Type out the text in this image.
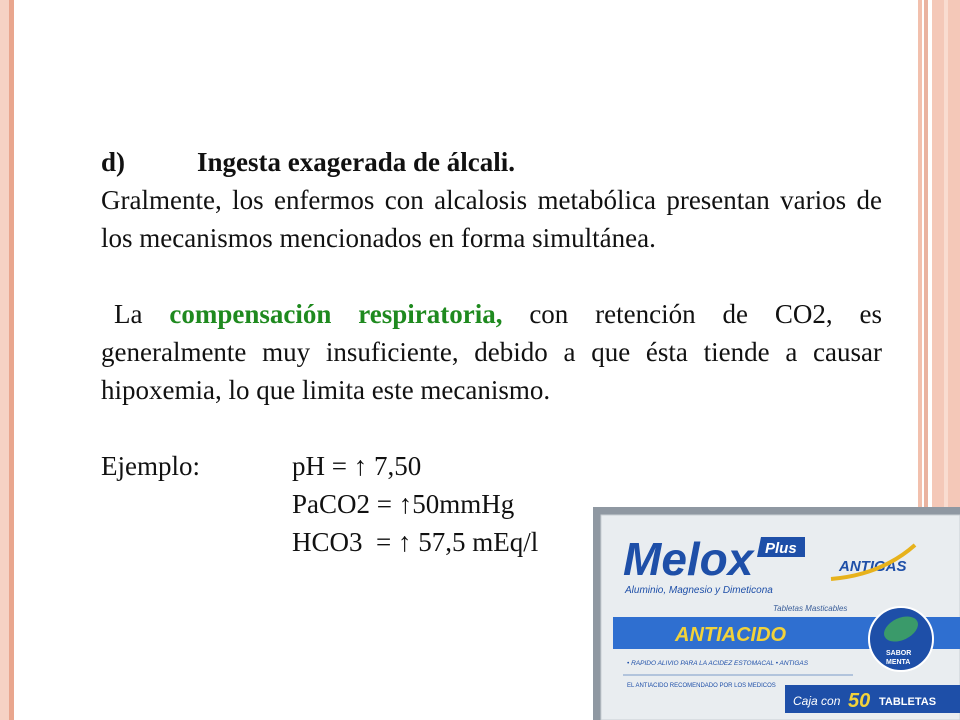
d)	Ingesta exagerada de álcali.
Gralmente, los enfermos con alcalosis metabólica presentan varios de los mecanismos mencionados en forma simultánea.
La compensación respiratoria, con retención de CO2, es generalmente muy insuficiente, debido a que ésta tiende a causar hipoxemia, lo que limita este mecanismo.
Ejemplo:	pH = ↑ 7,50
PaCO2 = ↑50mmHg
HCO3  = ↑ 57,5 mEq/l	Melox Plus
ANTIGAS
Aluminio, Magnesio y Dimeticona
Tabletas Masticables
ANTIACIDO
SABOR
MENTA
• RAPIDO ALIVIO PARA LA ACIDEZ ESTOMACAL • ANTIGAS
EL ANTIACIDO RECOMENDADO POR LOS MEDICOS
Caja con 50 TABLETAS
